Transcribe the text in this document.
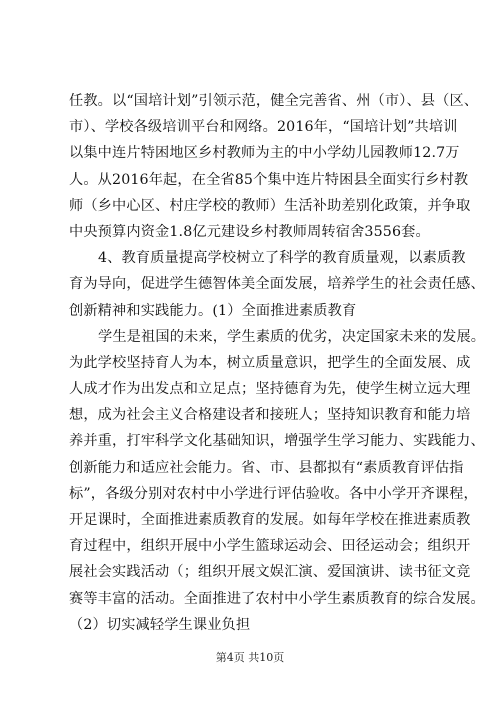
任教。以“国培计划”引领示范，健全完善省、州（市）、县（区、
市）、学校各级培训平台和网络。2016年，“国培计划”共培训
以集中连片特困地区乡村教师为主的中小学幼儿园教师12.7万
人。从2016年起，在全省85个集中连片特困县全面实行乡村教
师（乡中心区、村庄学校的教师）生活补助差别化政策，并争取
中央预算内资金1.8亿元建设乡村教师周转宿舍3556套。
4、教育质量提高学校树立了科学的教育质量观，以素质教
育为导向，促进学生德智体美全面发展，培养学生的社会责任感、
创新精神和实践能力。(1）全面推进素质教育
学生是祖国的未来，学生素质的优劣，决定国家未来的发展。
为此学校坚持育人为本，树立质量意识，把学生的全面发展、成
人成才作为出发点和立足点；坚持德育为先，使学生树立远大理
想，成为社会主义合格建设者和接班人；坚持知识教育和能力培
养并重，打牢科学文化基础知识，增强学生学习能力、实践能力、
创新能力和适应社会能力。省、市、县都拟有“素质教育评估指
标”，各级分别对农村中小学进行评估验收。各中小学开齐课程，
开足课时，全面推进素质教育的发展。如每年学校在推进素质教
育过程中，组织开展中小学生篮球运动会、田径运动会；组织开
展社会实践活动（；组织开展文娱汇演、爱国演讲、读书征文竞
赛等丰富的活动。全面推进了农村中小学生素质教育的综合发展。
（2）切实减轻学生课业负担
第4页 共10页
